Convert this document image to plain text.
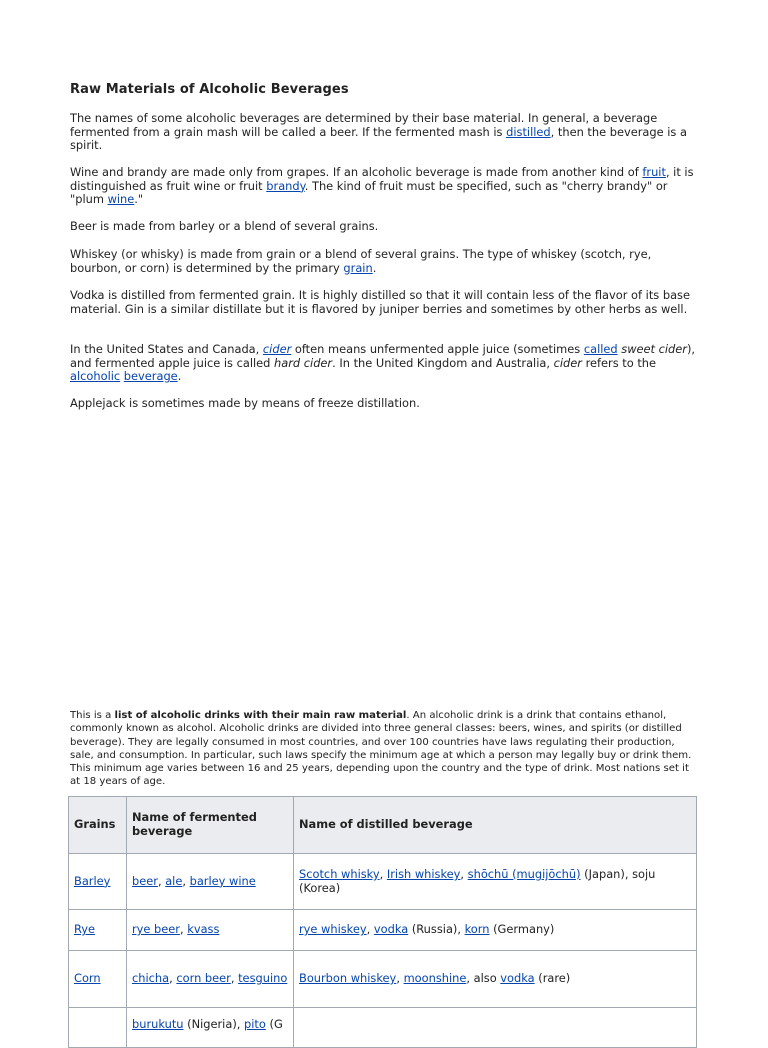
Raw Materials of Alcoholic Beverages

The names of some alcoholic beverages are determined by their base material. In general, a beverage fermented from a grain mash will be called a beer. If the fermented mash is distilled, then the beverage is a spirit.

Wine and brandy are made only from grapes. If an alcoholic beverage is made from another kind of fruit, it is distinguished as fruit wine or fruit brandy. The kind of fruit must be specified, such as "cherry brandy" or "plum wine."

Beer is made from barley or a blend of several grains.

Whiskey (or whisky) is made from grain or a blend of several grains. The type of whiskey (scotch, rye, bourbon, or corn) is determined by the primary grain.

Vodka is distilled from fermented grain. It is highly distilled so that it will contain less of the flavor of its base material. Gin is a similar distillate but it is flavored by juniper berries and sometimes by other herbs as well.

In the United States and Canada, cider often means unfermented apple juice (sometimes called sweet cider), and fermented apple juice is called hard cider. In the United Kingdom and Australia, cider refers to the alcoholic beverage.

Applejack is sometimes made by means of freeze distillation.

This is a list of alcoholic drinks with their main raw material. An alcoholic drink is a drink that contains ethanol, commonly known as alcohol. Alcoholic drinks are divided into three general classes: beers, wines, and spirits (or distilled beverage). They are legally consumed in most countries, and over 100 countries have laws regulating their production, sale, and consumption. In particular, such laws specify the minimum age at which a person may legally buy or drink them. This minimum age varies between 16 and 25 years, depending upon the country and the type of drink. Most nations set it at 18 years of age.

Grains	Name of fermented beverage	Name of distilled beverage
Barley	beer, ale, barley wine	Scotch whisky, Irish whiskey, shōchū (mugijōchū) (Japan), soju (Korea)
Rye	rye beer, kvass	rye whiskey, vodka (Russia), korn (Germany)
Corn	chicha, corn beer, tesguino	Bourbon whiskey, moonshine, also vodka (rare)
	burukutu (Nigeria), pito (G	
